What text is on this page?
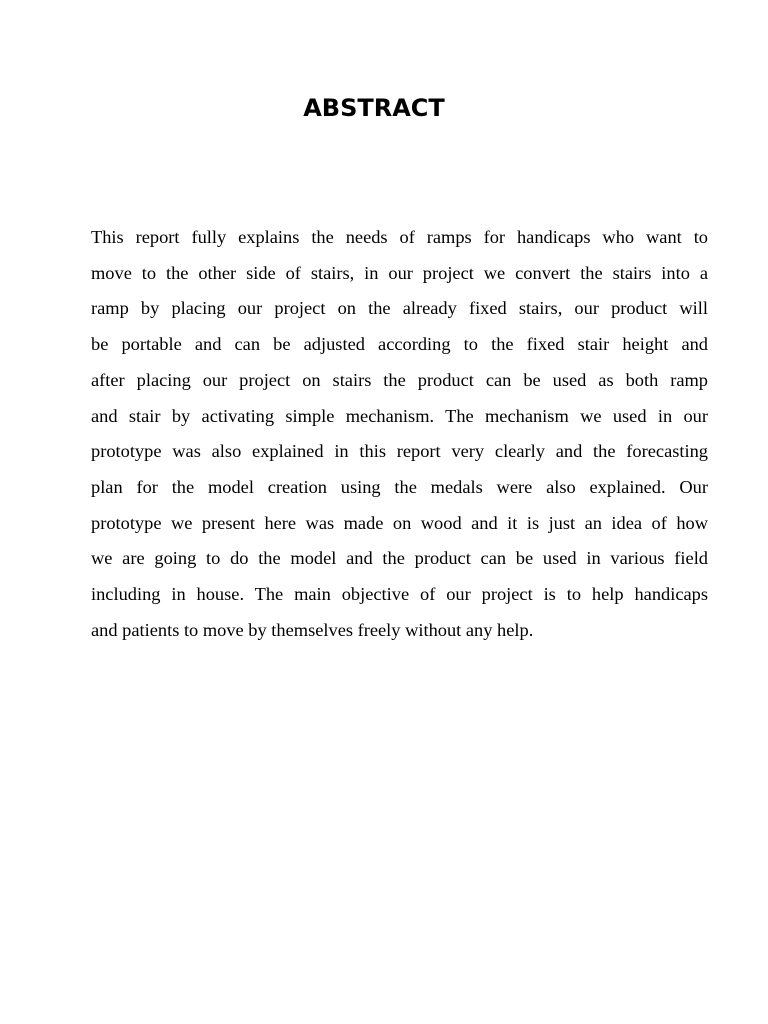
ABSTRACT
This report fully explains the needs of ramps for handicaps who want to
move to the other side of stairs, in our project we convert the stairs into a
ramp by placing our project on the already fixed stairs, our product will
be portable and can be adjusted according to the fixed stair height and
after placing our project on stairs the product can be used as both ramp
and stair by activating simple mechanism. The mechanism we used in our
prototype was also explained in this report very clearly and the forecasting
plan for the model creation using the medals were also explained. Our
prototype we present here was made on wood and it is just an idea of how
we are going to do the model and the product can be used in various field
including in house. The main objective of our project is to help handicaps
and patients to move by themselves freely without any help.
